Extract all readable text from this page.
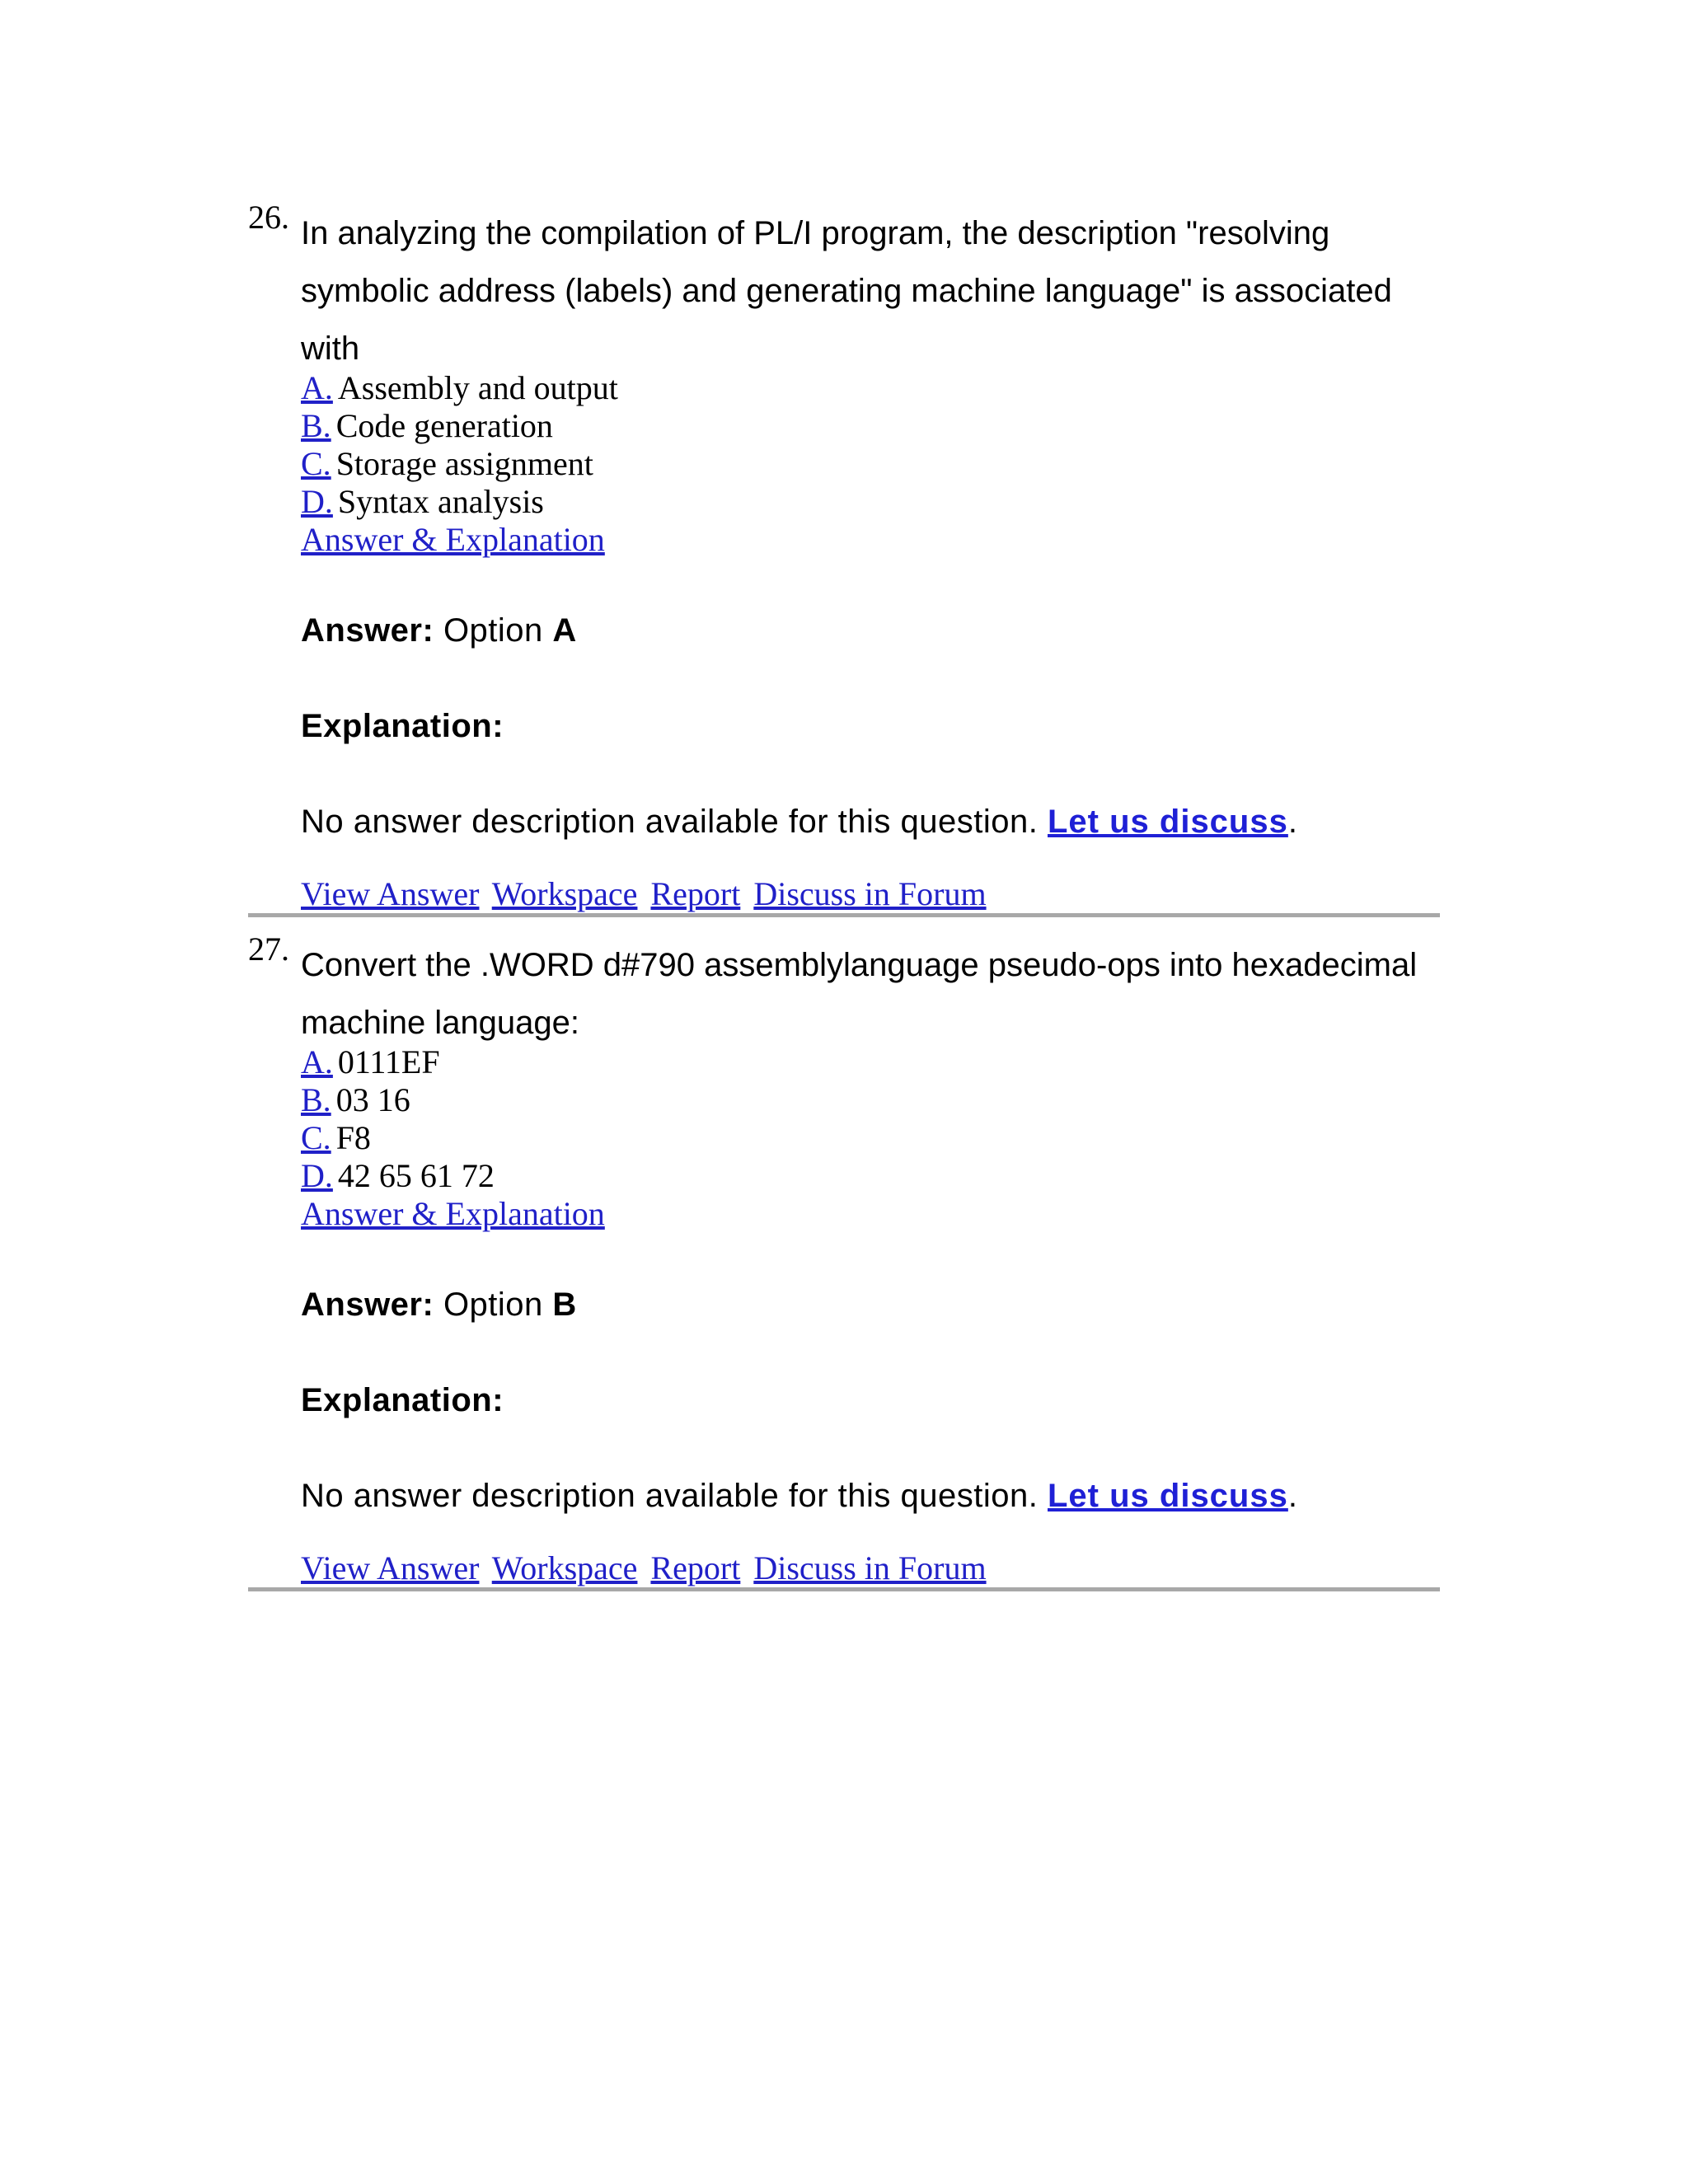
26. In analyzing the compilation of PL/I program, the description "resolving symbolic address (labels) and generating machine language" is associated with

A. Assembly and output
B. Code generation
C. Storage assignment
D. Syntax analysis
Answer & Explanation
Answer: Option A
Explanation:
No answer description available for this question. Let us discuss.
View Answer Workspace Report Discuss in Forum
27. Convert the .WORD d#790 assemblylanguage pseudo-ops into hexadecimal machine language:

A. 0111EF
B. 03 16
C. F8
D. 42 65 61 72
Answer & Explanation
Answer: Option B
Explanation:
No answer description available for this question. Let us discuss.
View Answer Workspace Report Discuss in Forum
